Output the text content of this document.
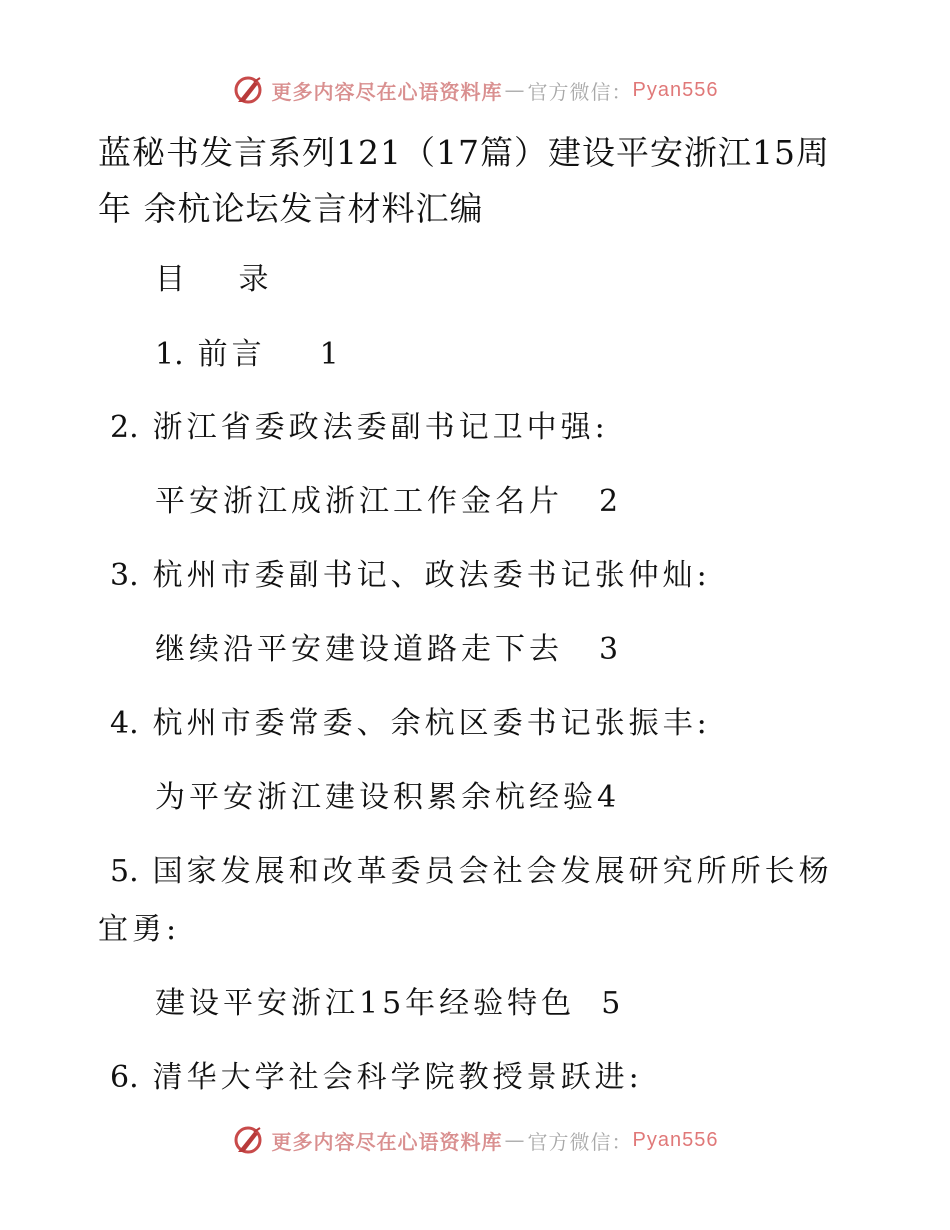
更多内容尽在心语资料库 — 官方微信： Pyan556
蓝秘书发言系列121（17篇）建设平安浙江15周年 余杭论坛发言材料汇编
目 录
1. 前言 1
2. 浙江省委政法委副书记卫中强:
平安浙江成浙江工作金名片 2
3. 杭州市委副书记、政法委书记张仲灿:
继续沿平安建设道路走下去 3
4. 杭州市委常委、余杭区委书记张振丰:
为平安浙江建设积累余杭经验4
5. 国家发展和改革委员会社会发展研究所所长杨
宜勇:
建设平安浙江15年经验特色 5
6. 清华大学社会科学院教授景跃进:
更多内容尽在心语资料库 — 官方微信： Pyan556
